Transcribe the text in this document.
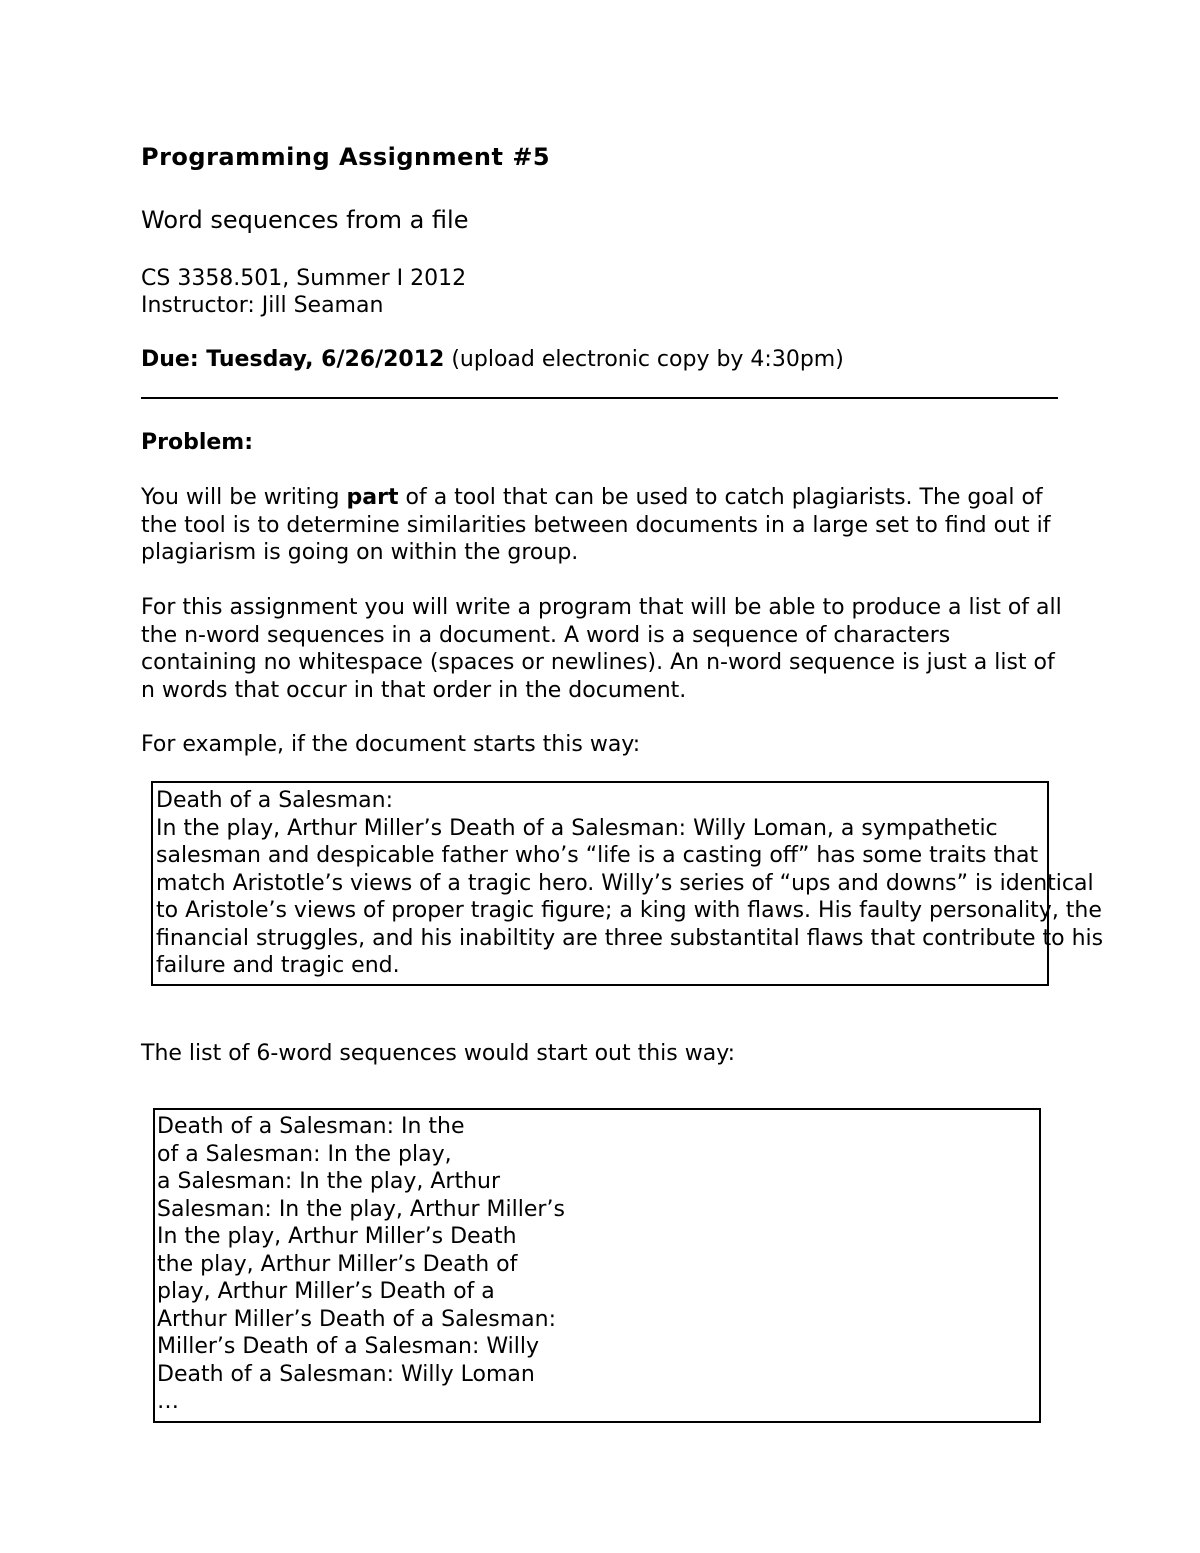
Programming Assignment #5

Word sequences from a file

CS 3358.501, Summer I 2012

Instructor: Jill Seaman

Due: Tuesday, 6/26/2012 (upload electronic copy by 4:30pm)

Problem:

You will be writing part of a tool that can be used to catch plagiarists. The goal of the tool is to determine similarities between documents in a large set to find out if plagiarism is going on within the group.

For this assignment you will write a program that will be able to produce a list of all the n-word sequences in a document. A word is a sequence of characters containing no whitespace (spaces or newlines). An n-word sequence is just a list of n words that occur in that order in the document.

For example, if the document starts this way:

Death of a Salesman:
In the play, Arthur Miller’s Death of a Salesman: Willy Loman, a sympathetic
salesman and despicable father who’s “life is a casting off” has some traits that
match Aristotle’s views of a tragic hero. Willy’s series of “ups and downs” is identical
to Aristole’s views of proper tragic figure; a king with flaws. His faulty personality, the
financial struggles, and his inabiltity are three substantital flaws that contribute to his
failure and tragic end.

The list of 6-word sequences would start out this way:

Death of a Salesman: In the
of a Salesman: In the play,
a Salesman: In the play, Arthur
Salesman: In the play, Arthur Miller’s
In the play, Arthur Miller’s Death
the play, Arthur Miller’s Death of
play, Arthur Miller’s Death of a
Arthur Miller’s Death of a Salesman:
Miller’s Death of a Salesman: Willy
Death of a Salesman: Willy Loman
…
